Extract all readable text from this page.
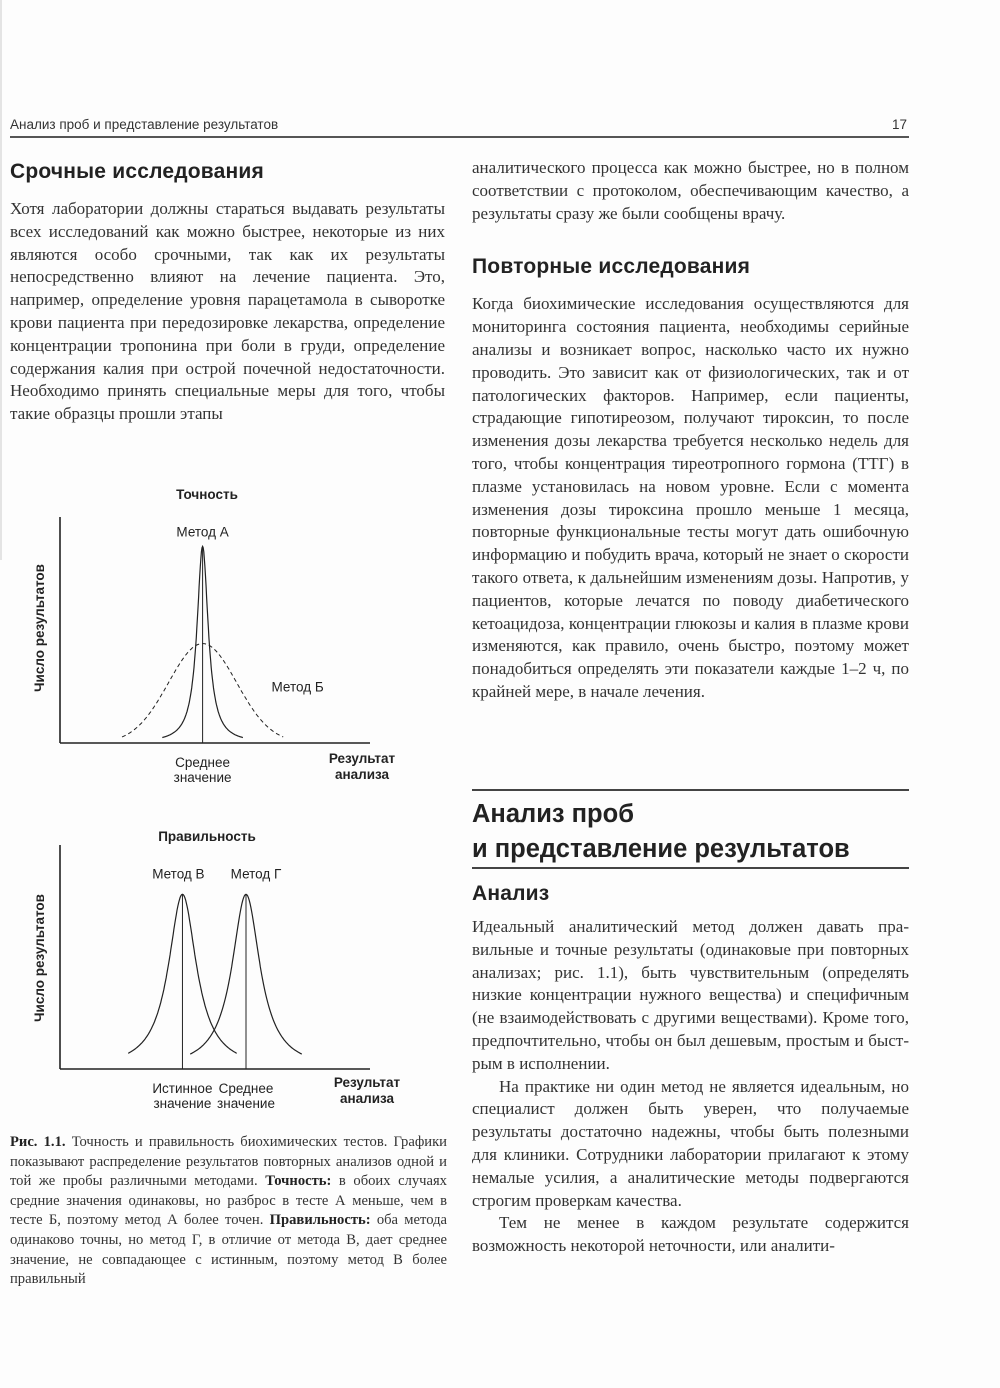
Анализ проб и представление результатов	17
Срочные исследования

Хотя лаборатории должны стараться выдавать результаты всех исследований как можно быстрее, некоторые из них являются особо срочными, так как их результаты непосредственно влияют на лечение пациента. Это, например, определение уровня парацетамола в сыворотке крови пациента при передозировке лекарства, определение концентрации тропонина при боли в груди, определение содержания калия при острой почечной недостаточности. Необходимо принять специальные меры для того, чтобы такие образцы прошли этапы

Точность
Число результатов
Метод А
Метод Б
Среднее
значение
Результат
анализа
Правильность
Число результатов
Метод В Метод Г
Истинное
значение
Среднее
значение
Результат
анализа
Рис. 1.1. Точность и правильность биохимических тестов. Графики показывают распределение результатов повторных анализов одной и той же пробы различными методами. Точность: в обоих случаях средние значения одинаковы, но разброс в тесте А меньше, чем в тесте Б, поэтому метод А более точен. Правильность: оба метода одинаково точны, но метод Г, в отличие от метода В, дает среднее значение, не совпадающее с истинным, поэтому метод В более правильный

аналитического процесса как можно быстрее, но в полном соответствии с протоколом, обеспечивающим качество, а результаты сразу же были сообщены врачу.

Повторные исследования

Когда биохимические исследования осуществляются для мониторинга состояния пациента, необходимы серийные анализы и возникает вопрос, насколько часто их нужно проводить. Это зависит как от физиологических, так и от патологических факторов. Например, если пациенты, страдающие гипотиреозом, получают тироксин, то после изменения дозы лекарства требуется несколько недель для того, чтобы концентрация тиреотропного гормона (ТТГ) в плазме установилась на новом уровне. Если с момента изменения дозы тироксина прошло меньше 1 месяца, повторные функциональные тесты могут дать ошибочную информацию и побудить врача, который не знает о скорости такого ответа, к дальнейшим изменениям дозы. Напротив, у пациентов, которые лечатся по поводу диабетического кетоацидоза, концентрации глюкозы и калия в плазме крови изменяются, как правило, очень быстро, поэтому может понадобиться определять эти показатели каждые 1–2 ч, по крайней мере, в начале лечения.

Анализ проб
и представление результатов
Анализ

Идеальный аналитический метод должен давать правильные и точные результаты (одинаковые при повторных анализах; рис. 1.1), быть чувствительным (определять низкие концентрации нужного вещества) и специфичным (не взаимодействовать с другими веществами). Кроме того, предпочтительно, чтобы он был дешевым, простым и быстрым в исполнении.

На практике ни один метод не является идеальным, но специалист должен быть уверен, что получаемые результаты достаточно надежны, чтобы быть полезными для клиники. Сотрудники лаборатории прилагают к этому немалые усилия, а аналитические методы подвергаются строгим проверкам качества.

Тем не менее в каждом результате содержится возможность некоторой неточности, или аналити-
